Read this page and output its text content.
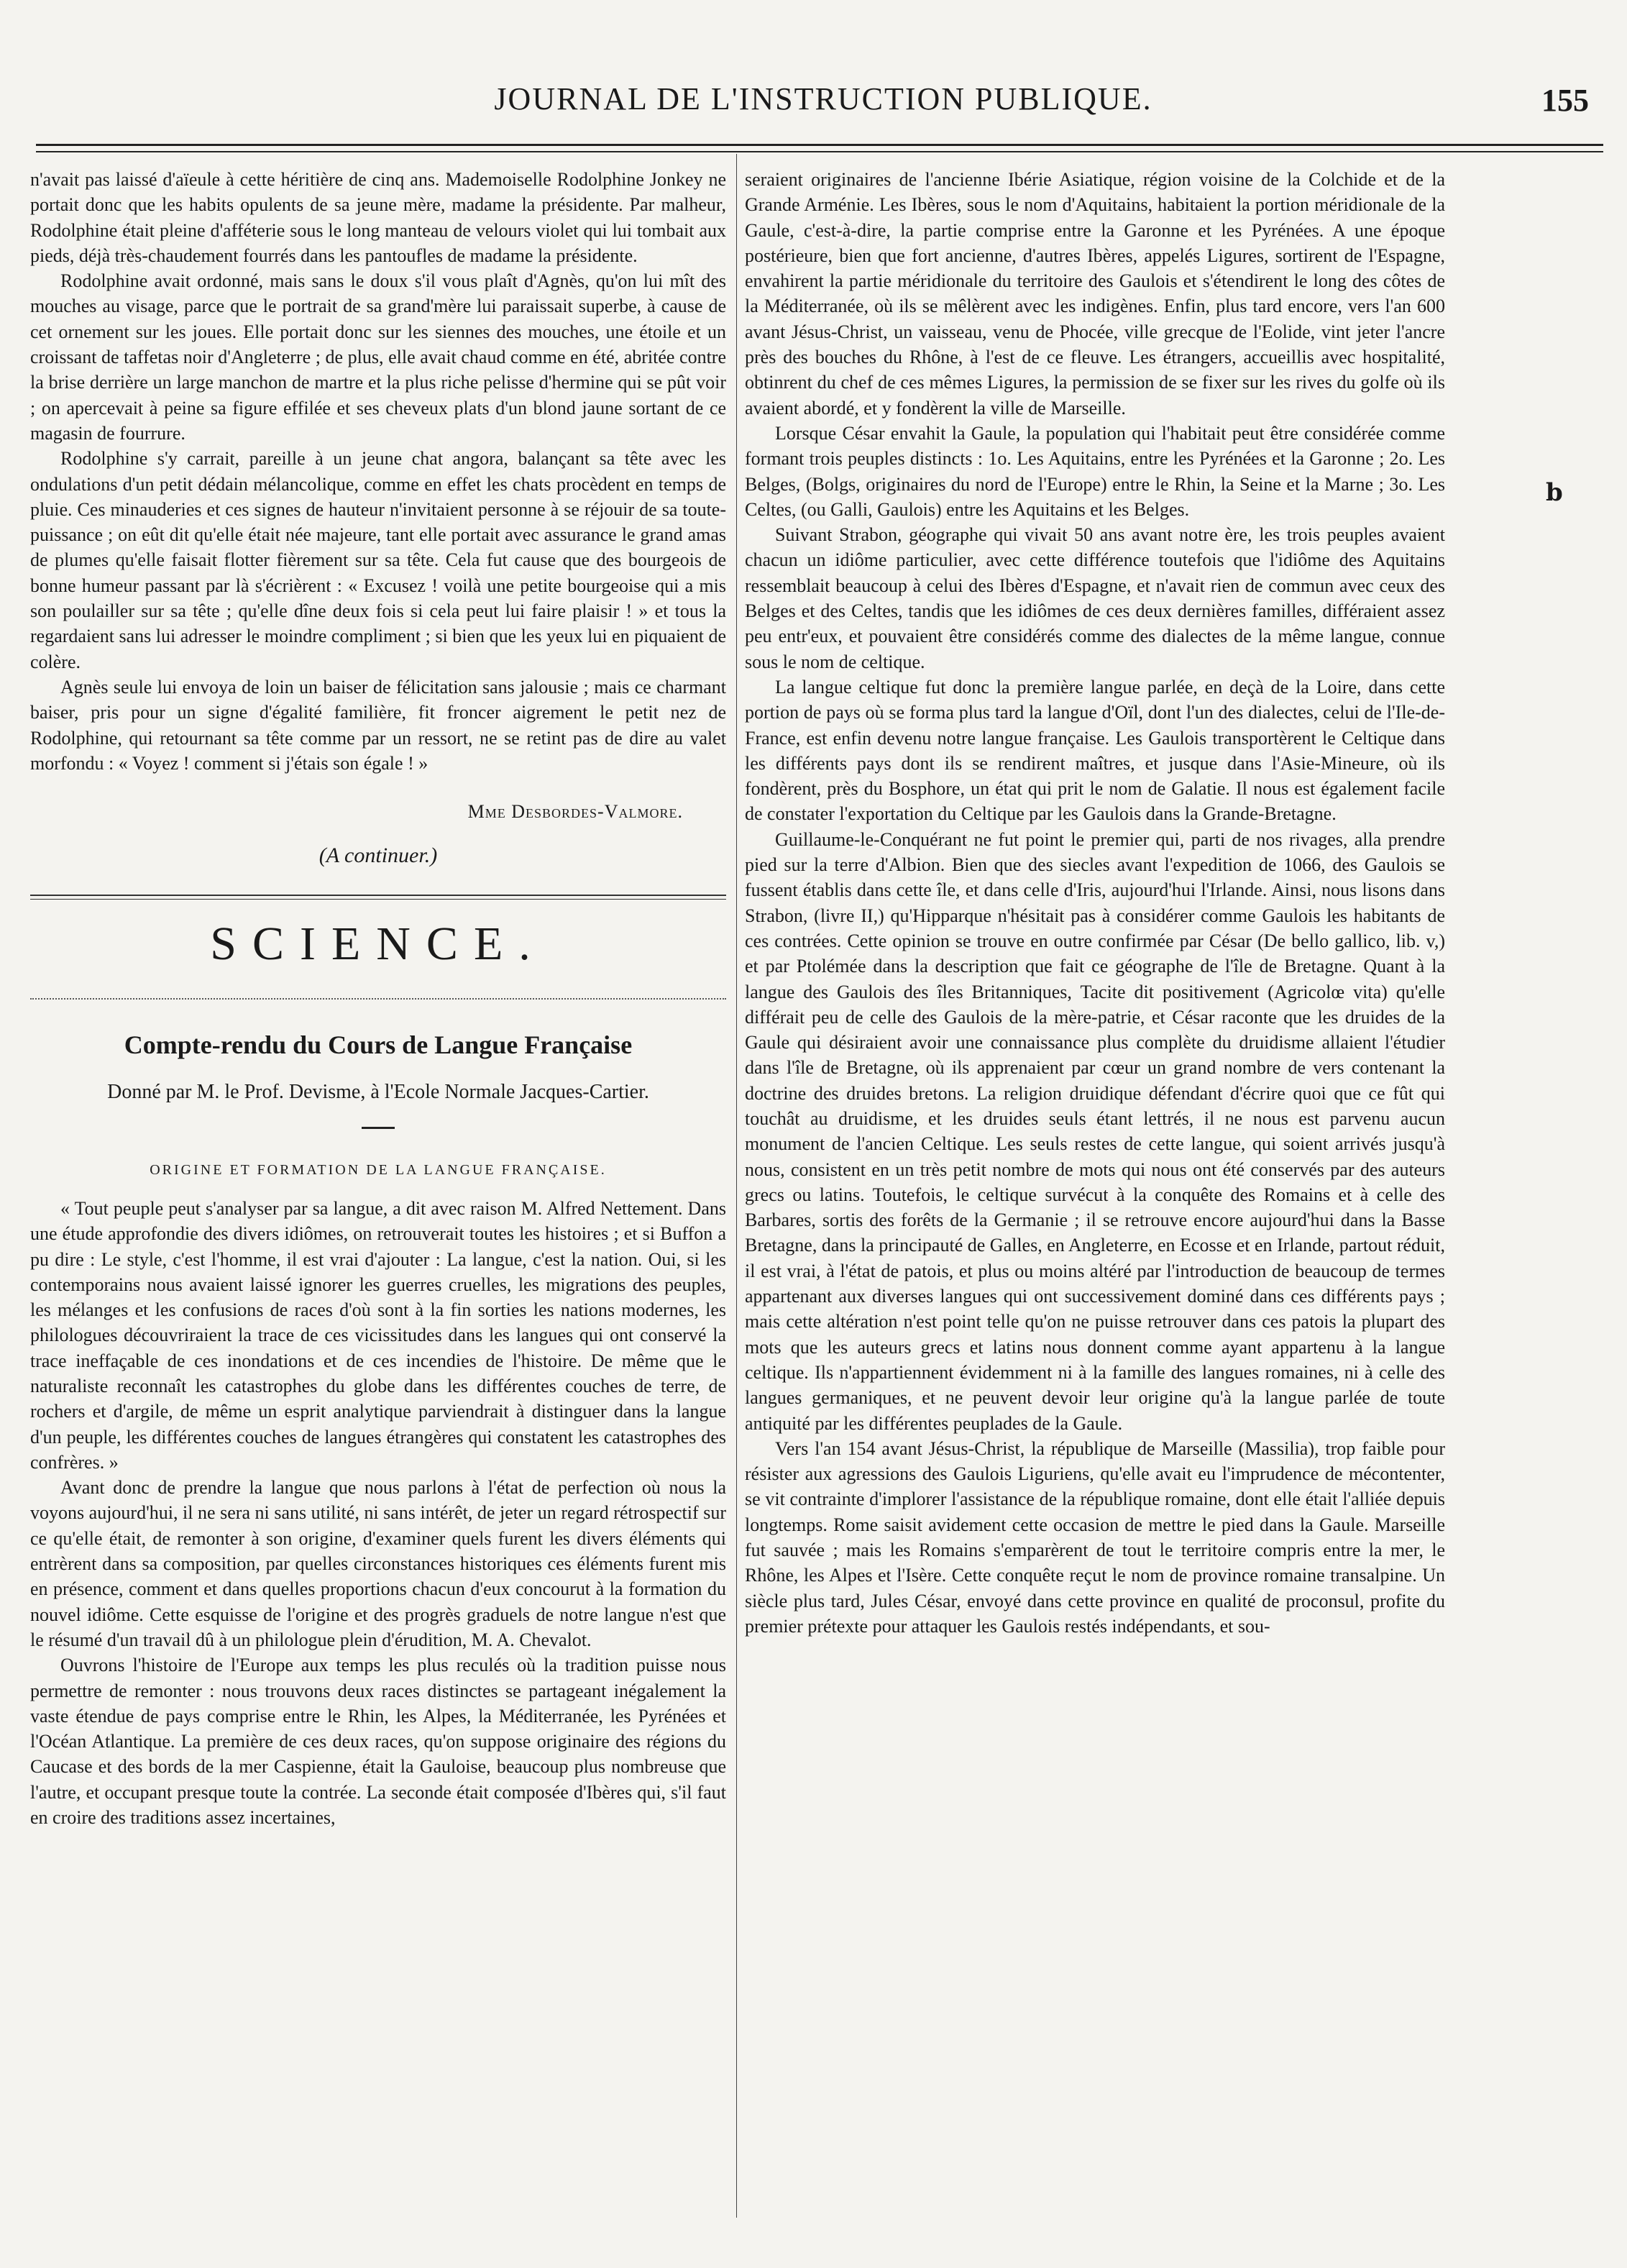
JOURNAL DE L'INSTRUCTION PUBLIQUE.	155
b

n'avait pas laissé d'aïeule à cette héritière de cinq ans. Mademoiselle Rodolphine Jonkey ne portait donc que les habits opulents de sa jeune mère, madame la présidente. Par malheur, Rodolphine était pleine d'afféterie sous le long manteau de velours violet qui lui tombait aux pieds, déjà très-chaudement fourrés dans les pantoufles de madame la présidente.

Rodolphine avait ordonné, mais sans le doux s'il vous plaît d'Agnès, qu'on lui mît des mouches au visage, parce que le portrait de sa grand'mère lui paraissait superbe, à cause de cet ornement sur les joues. Elle portait donc sur les siennes des mouches, une étoile et un croissant de taffetas noir d'Angleterre ; de plus, elle avait chaud comme en été, abritée contre la brise derrière un large manchon de martre et la plus riche pelisse d'hermine qui se pût voir ; on apercevait à peine sa figure effilée et ses cheveux plats d'un blond jaune sortant de ce magasin de fourrure.

Rodolphine s'y carrait, pareille à un jeune chat angora, balançant sa tête avec les ondulations d'un petit dédain mélancolique, comme en effet les chats procèdent en temps de pluie. Ces minauderies et ces signes de hauteur n'invitaient personne à se réjouir de sa toute-puissance ; on eût dit qu'elle était née majeure, tant elle portait avec assurance le grand amas de plumes qu'elle faisait flotter fièrement sur sa tête. Cela fut cause que des bourgeois de bonne humeur passant par là s'écrièrent : « Excusez ! voilà une petite bourgeoise qui a mis son poulailler sur sa tête ; qu'elle dîne deux fois si cela peut lui faire plaisir ! » et tous la regardaient sans lui adresser le moindre compliment ; si bien que les yeux lui en piquaient de colère.

Agnès seule lui envoya de loin un baiser de félicitation sans jalousie ; mais ce charmant baiser, pris pour un signe d'égalité familière, fit froncer aigrement le petit nez de Rodolphine, qui retournant sa tête comme par un ressort, ne se retint pas de dire au valet morfondu : « Voyez ! comment si j'étais son égale ! »

Mme Desbordes-Valmore.
(A continuer.)
SCIENCE.
Compte-rendu du Cours de Langue Française
Donné par M. le Prof. Devisme, à l'Ecole Normale Jacques-Cartier.
ORIGINE ET FORMATION DE LA LANGUE FRANÇAISE.

« Tout peuple peut s'analyser par sa langue, a dit avec raison M. Alfred Nettement. Dans une étude approfondie des divers idiômes, on retrouverait toutes les histoires ; et si Buffon a pu dire : Le style, c'est l'homme, il est vrai d'ajouter : La langue, c'est la nation. Oui, si les contemporains nous avaient laissé ignorer les guerres cruelles, les migrations des peuples, les mélanges et les confusions de races d'où sont à la fin sorties les nations modernes, les philologues découvriraient la trace de ces vicissitudes dans les langues qui ont conservé la trace ineffaçable de ces inondations et de ces incendies de l'histoire. De même que le naturaliste reconnaît les catastrophes du globe dans les différentes couches de terre, de rochers et d'argile, de même un esprit analytique parviendrait à distinguer dans la langue d'un peuple, les différentes couches de langues étrangères qui constatent les catastrophes des confrères. »

Avant donc de prendre la langue que nous parlons à l'état de perfection où nous la voyons aujourd'hui, il ne sera ni sans utilité, ni sans intérêt, de jeter un regard rétrospectif sur ce qu'elle était, de remonter à son origine, d'examiner quels furent les divers éléments qui entrèrent dans sa composition, par quelles circonstances historiques ces éléments furent mis en présence, comment et dans quelles proportions chacun d'eux concourut à la formation du nouvel idiôme. Cette esquisse de l'origine et des progrès graduels de notre langue n'est que le résumé d'un travail dû à un philologue plein d'érudition, M. A. Chevalot.

Ouvrons l'histoire de l'Europe aux temps les plus reculés où la tradition puisse nous permettre de remonter : nous trouvons deux races distinctes se partageant inégalement la vaste étendue de pays comprise entre le Rhin, les Alpes, la Méditerranée, les Pyrénées et l'Océan Atlantique. La première de ces deux races, qu'on suppose originaire des régions du Caucase et des bords de la mer Caspienne, était la Gauloise, beaucoup plus nombreuse que l'autre, et occupant presque toute la contrée. La seconde était composée d'Ibères qui, s'il faut en croire des traditions assez incertaines,

seraient originaires de l'ancienne Ibérie Asiatique, région voisine de la Colchide et de la Grande Arménie. Les Ibères, sous le nom d'Aquitains, habitaient la portion méridionale de la Gaule, c'est-à-dire, la partie comprise entre la Garonne et les Pyrénées. A une époque postérieure, bien que fort ancienne, d'autres Ibères, appelés Ligures, sortirent de l'Espagne, envahirent la partie méridionale du territoire des Gaulois et s'étendirent le long des côtes de la Méditerranée, où ils se mêlèrent avec les indigènes. Enfin, plus tard encore, vers l'an 600 avant Jésus-Christ, un vaisseau, venu de Phocée, ville grecque de l'Eolide, vint jeter l'ancre près des bouches du Rhône, à l'est de ce fleuve. Les étrangers, accueillis avec hospitalité, obtinrent du chef de ces mêmes Ligures, la permission de se fixer sur les rives du golfe où ils avaient abordé, et y fondèrent la ville de Marseille.

Lorsque César envahit la Gaule, la population qui l'habitait peut être considérée comme formant trois peuples distincts : 1o. Les Aquitains, entre les Pyrénées et la Garonne ; 2o. Les Belges, (Bolgs, originaires du nord de l'Europe) entre le Rhin, la Seine et la Marne ; 3o. Les Celtes, (ou Galli, Gaulois) entre les Aquitains et les Belges.

Suivant Strabon, géographe qui vivait 50 ans avant notre ère, les trois peuples avaient chacun un idiôme particulier, avec cette différence toutefois que l'idiôme des Aquitains ressemblait beaucoup à celui des Ibères d'Espagne, et n'avait rien de commun avec ceux des Belges et des Celtes, tandis que les idiômes de ces deux dernières familles, différaient assez peu entr'eux, et pouvaient être considérés comme des dialectes de la même langue, connue sous le nom de celtique.

La langue celtique fut donc la première langue parlée, en deçà de la Loire, dans cette portion de pays où se forma plus tard la langue d'Oïl, dont l'un des dialectes, celui de l'Ile-de-France, est enfin devenu notre langue française. Les Gaulois transportèrent le Celtique dans les différents pays dont ils se rendirent maîtres, et jusque dans l'Asie-Mineure, où ils fondèrent, près du Bosphore, un état qui prit le nom de Galatie. Il nous est également facile de constater l'exportation du Celtique par les Gaulois dans la Grande-Bretagne.

Guillaume-le-Conquérant ne fut point le premier qui, parti de nos rivages, alla prendre pied sur la terre d'Albion. Bien que des siecles avant l'expedition de 1066, des Gaulois se fussent établis dans cette île, et dans celle d'Iris, aujourd'hui l'Irlande. Ainsi, nous lisons dans Strabon, (livre II,) qu'Hipparque n'hésitait pas à considérer comme Gaulois les habitants de ces contrées. Cette opinion se trouve en outre confirmée par César (De bello gallico, lib. v,) et par Ptolémée dans la description que fait ce géographe de l'île de Bretagne. Quant à la langue des Gaulois des îles Britanniques, Tacite dit positivement (Agricolœ vita) qu'elle différait peu de celle des Gaulois de la mère-patrie, et César raconte que les druides de la Gaule qui désiraient avoir une connaissance plus complète du druidisme allaient l'étudier dans l'île de Bretagne, où ils apprenaient par cœur un grand nombre de vers contenant la doctrine des druides bretons. La religion druidique défendant d'écrire quoi que ce fût qui touchât au druidisme, et les druides seuls étant lettrés, il ne nous est parvenu aucun monument de l'ancien Celtique. Les seuls restes de cette langue, qui soient arrivés jusqu'à nous, consistent en un très petit nombre de mots qui nous ont été conservés par des auteurs grecs ou latins. Toutefois, le celtique survécut à la conquête des Romains et à celle des Barbares, sortis des forêts de la Germanie ; il se retrouve encore aujourd'hui dans la Basse Bretagne, dans la principauté de Galles, en Angleterre, en Ecosse et en Irlande, partout réduit, il est vrai, à l'état de patois, et plus ou moins altéré par l'introduction de beaucoup de termes appartenant aux diverses langues qui ont successivement dominé dans ces différents pays ; mais cette altération n'est point telle qu'on ne puisse retrouver dans ces patois la plupart des mots que les auteurs grecs et latins nous donnent comme ayant appartenu à la langue celtique. Ils n'appartiennent évidemment ni à la famille des langues romaines, ni à celle des langues germaniques, et ne peuvent devoir leur origine qu'à la langue parlée de toute antiquité par les différentes peuplades de la Gaule.

Vers l'an 154 avant Jésus-Christ, la république de Marseille (Massilia), trop faible pour résister aux agressions des Gaulois Liguriens, qu'elle avait eu l'imprudence de mécontenter, se vit contrainte d'implorer l'assistance de la république romaine, dont elle était l'alliée depuis longtemps. Rome saisit avidement cette occasion de mettre le pied dans la Gaule. Marseille fut sauvée ; mais les Romains s'emparèrent de tout le territoire compris entre la mer, le Rhône, les Alpes et l'Isère. Cette conquête reçut le nom de province romaine transalpine. Un siècle plus tard, Jules César, envoyé dans cette province en qualité de proconsul, profite du premier prétexte pour attaquer les Gaulois restés indépendants, et sou-
